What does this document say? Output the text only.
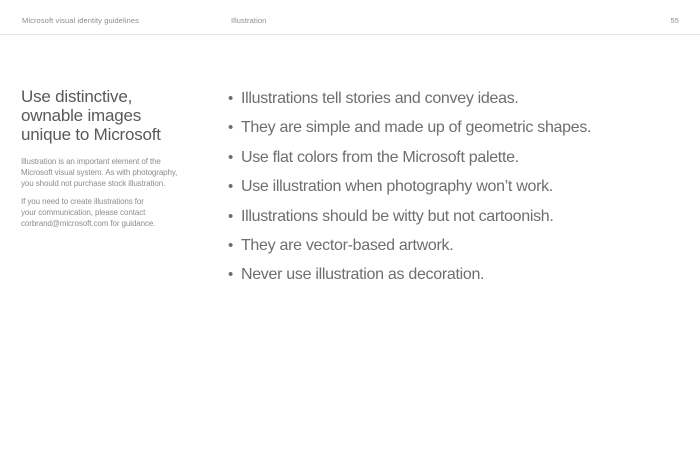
Microsoft visual identity guidelines	Illustration	55
Use distinctive,
ownable images
unique to Microsoft

Illustration is an important element of the
Microsoft visual system. As with photography,
you should not purchase stock illustration.

If you need to create illustrations for
your communication, please contact
corbrand@microsoft.com for guidance.

• Illustrations tell stories and convey ideas.
• They are simple and made up of geometric shapes.
• Use flat colors from the Microsoft palette.
• Use illustration when photography won’t work.
• Illustrations should be witty but not cartoonish.
• They are vector-based artwork.
• Never use illustration as decoration.
